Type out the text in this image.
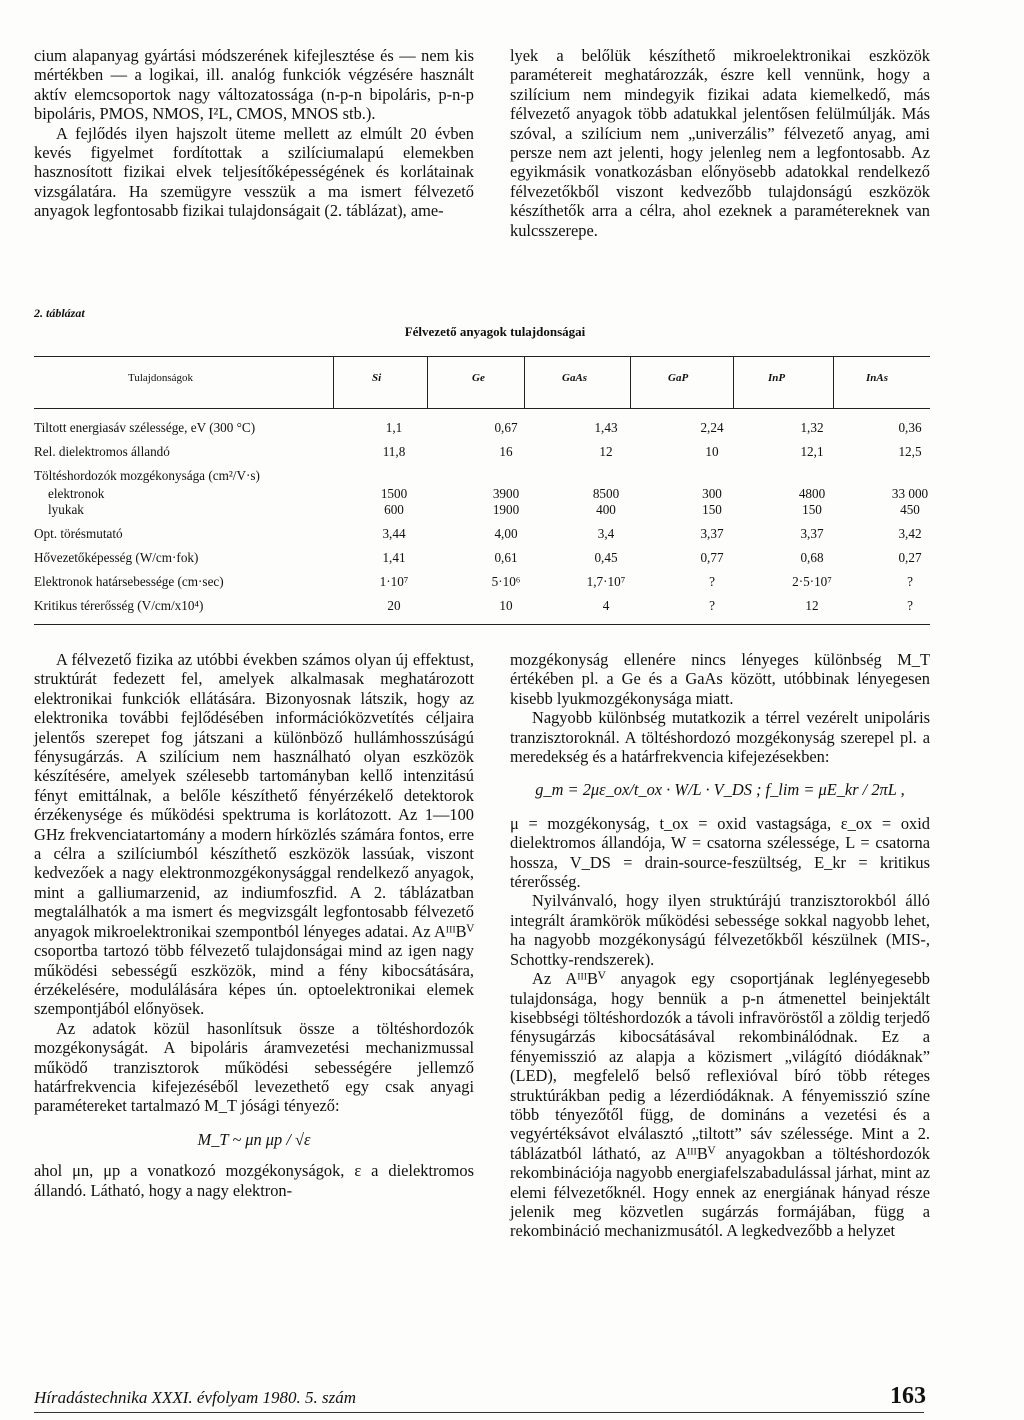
cium alapanyag gyártási módszerének kifejlesztése és — nem kis mértékben — a logikai, ill. analóg funkciók végzésére használt aktív elemcsoportok nagy változatossága (n-p-n bipoláris, p-n-p bipoláris, PMOS, NMOS, I²L, CMOS, MNOS stb.).

A fejlődés ilyen hajszolt üteme mellett az elmúlt 20 évben kevés figyelmet fordítottak a szilíciumalapú elemekben hasznosított fizikai elvek teljesítőképességének és korlátainak vizsgálatára. Ha szemügyre vesszük a ma ismert félvezető anyagok legfontosabb fizikai tulajdonságait (2. táblázat), ame-

lyek a belőlük készíthető mikroelektronikai eszközök paramétereit meghatározzák, észre kell vennünk, hogy a szilícium nem mindegyik fizikai adata kiemelkedő, más félvezető anyagok több adatukkal jelentősen felülmúlják. Más szóval, a szilícium nem „univerzális” félvezető anyag, ami persze nem azt jelenti, hogy jelenleg nem a legfontosabb. Az egyikmásik vonatkozásban előnyösebb adatokkal rendelkező félvezetőkből viszont kedvezőbb tulajdonságú eszközök készíthetők arra a célra, ahol ezeknek a paramétereknek van kulcsszerepe.

2. táblázat
Félvezető anyagok tulajdonságai
Tulajdonságok	Si	Ge	GaAs	GaP	InP	InAs
Tiltott energiasáv szélessége, eV (300 °C)	1,1	0,67	1,43	2,24	1,32	0,36
Rel. dielektromos állandó	11,8	16	12	10	12,1	12,5
Töltéshordozók mozgékonysága (cm²/V·s)
elektronok	1500	3900	8500	300	4800	33 000
lyukak	600	1900	400	150	150	450
Opt. törésmutató	3,44	4,00	3,4	3,37	3,37	3,42
Hővezetőképesség (W/cm·fok)	1,41	0,61	0,45	0,77	0,68	0,27
Elektronok határsebessége (cm·sec)	1·10⁷	5·10⁶	1,7·10⁷	?	2·5·10⁷	?
Kritikus térerősség (V/cm/x10⁴)	20	10	4	?	12	?

A félvezető fizika az utóbbi években számos olyan új effektust, struktúrát fedezett fel, amelyek alkalmasak meghatározott elektronikai funkciók ellátására. Bizonyosnak látszik, hogy az elektronika további fejlődésében információközvetítés céljaira jelentős szerepet fog játszani a különböző hullámhosszúságú fénysugárzás. A szilícium nem használható olyan eszközök készítésére, amelyek szélesebb tartományban kellő intenzitású fényt emittálnak, a belőle készíthető fényérzékelő detektorok érzékenysége és működési spektruma is korlátozott. Az 1—100 GHz frekvenciatartomány a modern hírközlés számára fontos, erre a célra a szilíciumból készíthető eszközök lassúak, viszont kedvezőek a nagy elektronmozgékonysággal rendelkező anyagok, mint a galliumarzenid, az indiumfoszfid. A 2. táblázatban megtalálhatók a ma ismert és megvizsgált legfontosabb félvezető anyagok mikroelektronikai szempontból lényeges adatai. Az AᴵᴵᴵBⱽ csoportba tartozó több félvezető tulajdonságai mind az igen nagy működési sebességű eszközök, mind a fény kibocsátására, érzékelésére, modulálására képes ún. optoelektronikai elemek szempontjából előnyösek.

Az adatok közül hasonlítsuk össze a töltéshordozók mozgékonyságát. A bipoláris áramvezetési mechanizmussal működő tranzisztorok működési sebességére jellemző határfrekvencia kifejezéséből levezethető egy csak anyagi paramétereket tartalmazó M_T jósági tényező:

M_T ~ μn μp / √ε

ahol μn, μp a vonatkozó mozgékonyságok, ε a dielektromos állandó. Látható, hogy a nagy elektron-

mozgékonyság ellenére nincs lényeges különbség M_T értékében pl. a Ge és a GaAs között, utóbbinak lényegesen kisebb lyukmozgékonysága miatt.

Nagyobb különbség mutatkozik a térrel vezérelt unipoláris tranzisztoroknál. A töltéshordozó mozgékonyság szerepel pl. a meredekség és a határfrekvencia kifejezésekben:

g_m = 2με_ox/t_ox · W/L · V_DS ; f_lim = μE_kr / 2πL ,

μ = mozgékonyság, t_ox = oxid vastagsága, ε_ox = oxid dielektromos állandója, W = csatorna szélessége, L = csatorna hossza, V_DS = drain-source-feszültség, E_kr = kritikus térerősség.

Nyilvánvaló, hogy ilyen struktúrájú tranzisztorokból álló integrált áramkörök működési sebessége sokkal nagyobb lehet, ha nagyobb mozgékonyságú félvezetőkből készülnek (MIS-, Schottky-rendszerek).

Az AᴵᴵᴵBⱽ anyagok egy csoportjának leglényegesebb tulajdonsága, hogy bennük a p-n átmenettel beinjektált kisebbségi töltéshordozók a távoli infravöröstől a zöldig terjedő fénysugárzás kibocsátásával rekombinálódnak. Ez a fényemisszió az alapja a közismert „világító diódáknak” (LED), megfelelő belső reflexióval bíró több réteges struktúrákban pedig a lézerdiódáknak. A fényemisszió színe több tényezőtől függ, de domináns a vezetési és a vegyértéksávot elválasztó „tiltott” sáv szélessége. Mint a 2. táblázatból látható, az AᴵᴵᴵBⱽ anyagokban a töltéshordozók rekombinációja nagyobb energiafelszabadulással járhat, mint az elemi félvezetőknél. Hogy ennek az energiának hányad része jelenik meg közvetlen sugárzás formájában, függ a rekombináció mechanizmusától. A legkedvezőbb a helyzet

Híradástechnika XXXI. évfolyam 1980. 5. szám	163
